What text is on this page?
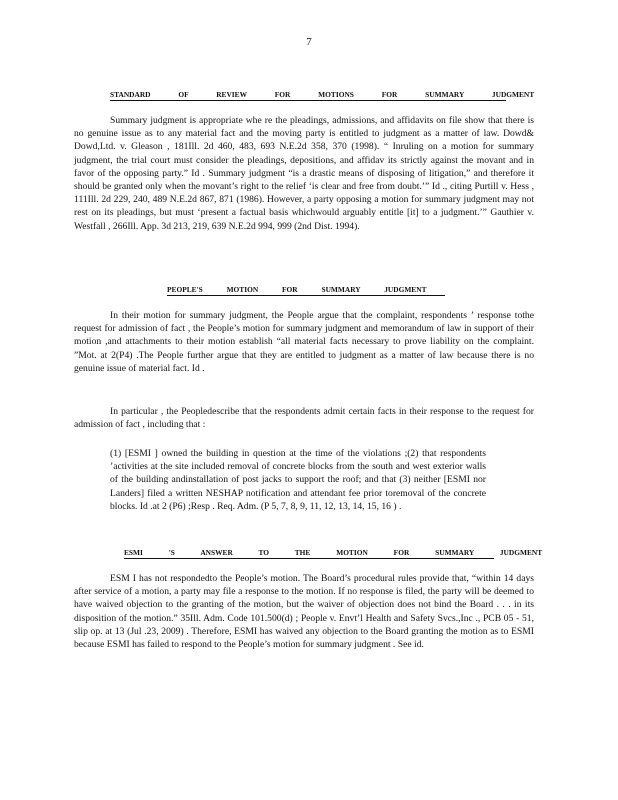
7
STANDARD OF REVIEW FOR MOTIONS FOR SUMMARY JUDGMENT

Summary judgment is appropriate whe re the pleadings, admissions, and affidavits on file show that there is no genuine issue as to any material fact and the moving party is entitled to judgment as a matter of law. Dowd& Dowd,Ltd. v. Gleason , 181Ill. 2d 460, 483, 693 N.E.2d 358, 370 (1998). “ Inruling on a motion for summary judgment, the trial court must consider the pleadings, depositions, and affidav its strictly against the movant and in favor of the opposing party.” Id . Summary judgment “is a drastic means of disposing of litigation,” and therefore it should be granted only when the movant’s right to the relief ‘is clear and free from doubt.’” Id ., citing Purtill v. Hess , 111Ill. 2d 229, 240, 489 N.E.2d 867, 871 (1986). However, a party opposing a motion for summary judgment may not rest on its pleadings, but must ‘present a factual basis whichwould arguably entitle [it] to a judgment.’” Gauthier v. Westfall , 266Ill. App. 3d 213, 219, 639 N.E.2d 994, 999 (2nd Dist. 1994).

PEOPLE'S MOTION FOR SUMMARY JUDGMENT

In their motion for summary judgment, the People argue that the complaint, respondents ’ response tothe request for admission of fact , the People’s motion for summary judgment and memorandum of law in support of their motion ,and attachments to their motion establish “all material facts necessary to prove liability on the complaint. ”Mot. at 2(P4) .The People further argue that they are entitled to judgment as a matter of law because there is no genuine issue of material fact. Id .

In particular , the Peopledescribe that the respondents admit certain facts in their response to the request for admission of fact , including that :

(1) [ESMI ] owned the building in question at the time of the violations ;(2) that respondents ’activities at the site included removal of concrete blocks from the south and west exterior walls of the building andinstallation of post jacks to support the roof; and that (3) neither [ESMI nor Landers] filed a written NESHAP notification and attendant fee prior toremoval of the concrete blocks. Id .at 2 (P6) ;Resp . Req. Adm. (P 5, 7, 8, 9, 11, 12, 13, 14, 15, 16 ) .

ESMI 'S ANSWER TO THE MOTION FOR SUMMARY JUDGMENT

ESM I has not respondedto the People’s motion. The Board’s procedural rules provide that, “within 14 days after service of a motion, a party may file a response to the motion. If no response is filed, the party will be deemed to have waived objection to the granting of the motion, but the waiver of objection does not bind the Board . . . in its disposition of the motion.” 35Ill. Adm. Code 101.500(d) ; People v. Envt’l Health and Safety Svcs.,Inc ., PCB 05 - 51, slip op. at 13 (Jul .23, 2009) . Therefore, ESMI has waived any objection to the Board granting the motion as to ESMI because ESMI has failed to respond to the People’s motion for summary judgment . See id.
